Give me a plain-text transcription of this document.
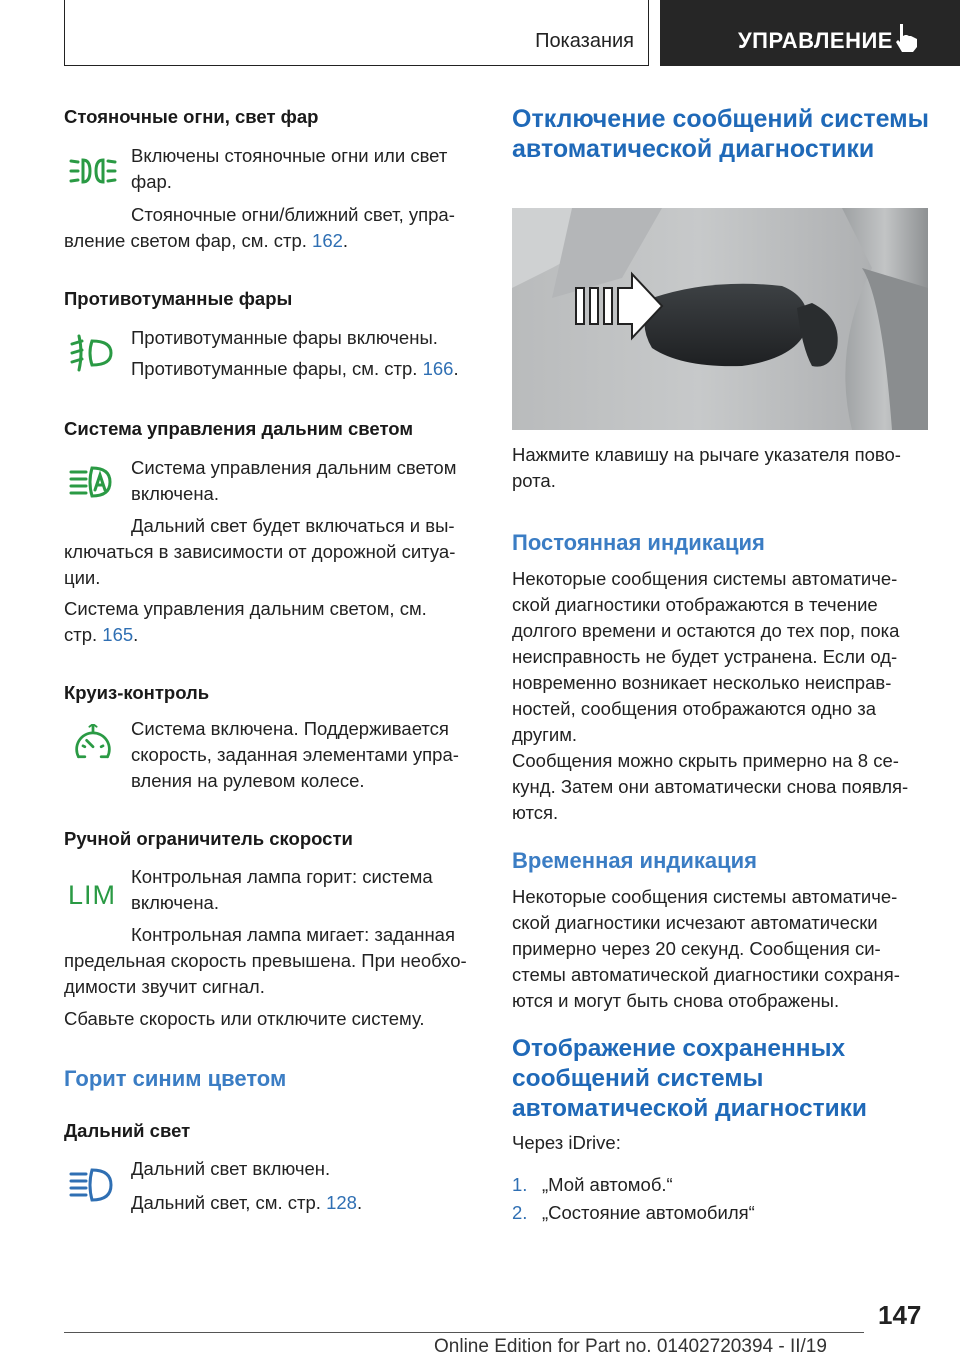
Показания	УПРАВЛЕНИЕ
Стояночные огни, свет фар
Включены стояночные огни или свет фар.
Стояночные огни/ближний свет, упра-
вление светом фар, см. стр. 162.
Противотуманные фары
Противотуманные фары включены.
Противотуманные фары, см. стр. 166.
Система управления дальним светом
Система управления дальним светом включена.
Дальний свет будет включаться и вы-
ключаться в зависимости от дорожной ситуа-ции.
Система управления дальним светом, см.
стр. 165.
Круиз-контроль
Система включена. Поддерживается скорость, заданная элементами упра-вления на рулевом колесе.
Ручной ограничитель скорости
LIM
Контрольная лампа горит: система включена.
Контрольная лампа мигает: заданная
предельная скорость превышена. При необхо-димости звучит сигнал.
Сбавьте скорость или отключите систему.
Горит синим цветом
Дальний свет
Дальний свет включен.
Дальний свет, см. стр. 128.
Отключение сообщений системы автоматической диагностики
Нажмите клавишу на рычаге указателя пово-рота.
Постоянная индикация
Некоторые сообщения системы автоматиче-ской диагностики отображаются в течение долгого времени и остаются до тех пор, пока неисправность не будет устранена. Если од-новременно возникает несколько неисправ-ностей, сообщения отображаются одно за другим.
Сообщения можно скрыть примерно на 8 се-кунд. Затем они автоматически снова появля-ются.
Временная индикация
Некоторые сообщения системы автоматиче-ской диагностики исчезают автоматически примерно через 20 секунд. Сообщения си-стемы автоматической диагностики сохраня-ются и могут быть снова отображены.
Отображение сохраненных сообщений системы автоматической диагностики
Через iDrive:
1. „Мой автомоб.“
2. „Состояние автомобиля“
147
Online Edition for Part no. 01402720394 - II/19
